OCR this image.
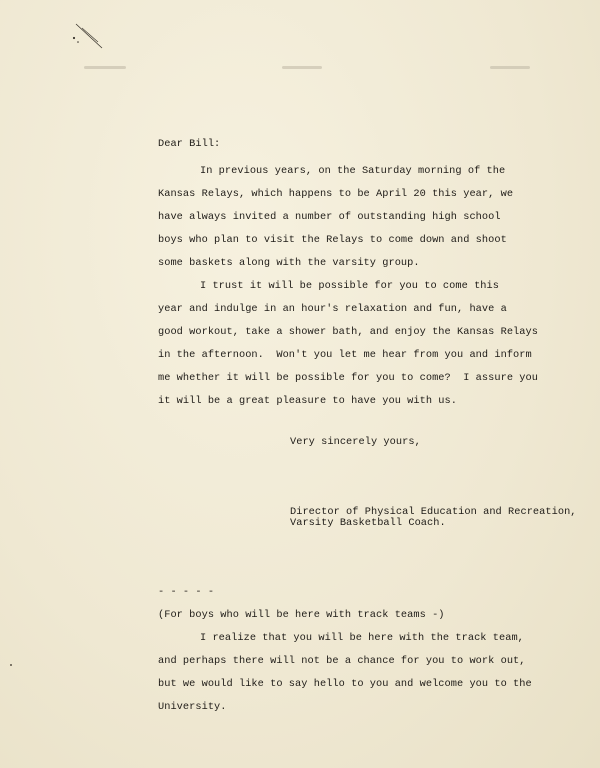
Dear Bill:
In previous years, on the Saturday morning of the
Kansas Relays, which happens to be April 20 this year, we
have always invited a number of outstanding high school
boys who plan to visit the Relays to come down and shoot
some baskets along with the varsity group.
I trust it will be possible for you to come this
year and indulge in an hour's relaxation and fun, have a
good workout, take a shower bath, and enjoy the Kansas Relays
in the afternoon.  Won't you let me hear from you and inform
me whether it will be possible for you to come?  I assure you
it will be a great pleasure to have you with us.
Very sincerely yours,
Director of Physical Education and Recreation,
Varsity Basketball Coach.
- - - - -
(For boys who will be here with track teams -)
I realize that you will be here with the track team,
and perhaps there will not be a chance for you to work out,
but we would like to say hello to you and welcome you to the
University.
